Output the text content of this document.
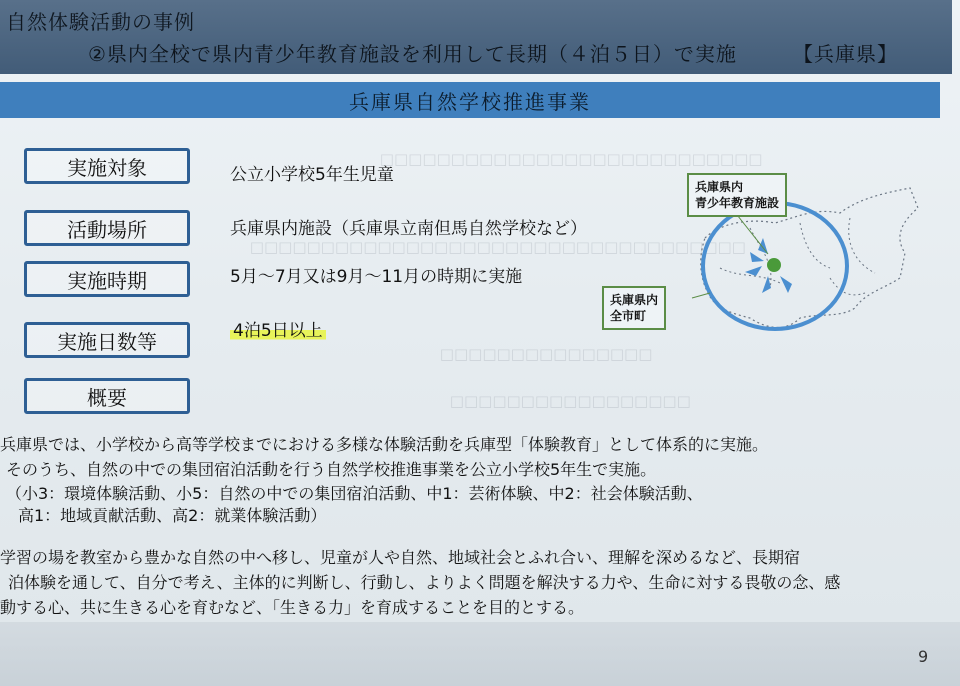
□□□□□□□□□□□□□□□□□□□□□□□□□□□
□□□□□□□□□□□□□□□□□□□□□□□□□□□□□□□□□□□
□□□□□□□□□□□□□□□
□□□□□□□□□□□□□□□□□
自然体験活動の事例
②県内全校で県内青少年教育施設を利用して長期（４泊５日）で実施	【兵庫県】
兵庫県自然学校推進事業
実施対象
活動場所
実施時期
実施日数等
概要
公立小学校5年生児童
兵庫県内施設（兵庫県立南但馬自然学校など）
5月～7月又は9月～11月の時期に実施
4泊5日以上
兵庫県内
青少年教育施設
兵庫県内
全市町
兵庫県では、小学校から高等学校までにおける多様な体験活動を兵庫型「体験教育」として体系的に実施。
そのうち、自然の中での集団宿泊活動を行う自然学校推進事業を公立小学校5年生で実施。
（小3：環境体験活動、小5：自然の中での集団宿泊活動、中1：芸術体験、中2：社会体験活動、
高1：地域貢献活動、高2：就業体験活動）
学習の場を教室から豊かな自然の中へ移し、児童が人や自然、地域社会とふれ合い、理解を深めるなど、長期宿
泊体験を通して、自分で考え、主体的に判断し、行動し、よりよく問題を解決する力や、生命に対する畏敬の念、感
動する心、共に生きる心を育むなど、「生きる力」を育成することを目的とする。
9
